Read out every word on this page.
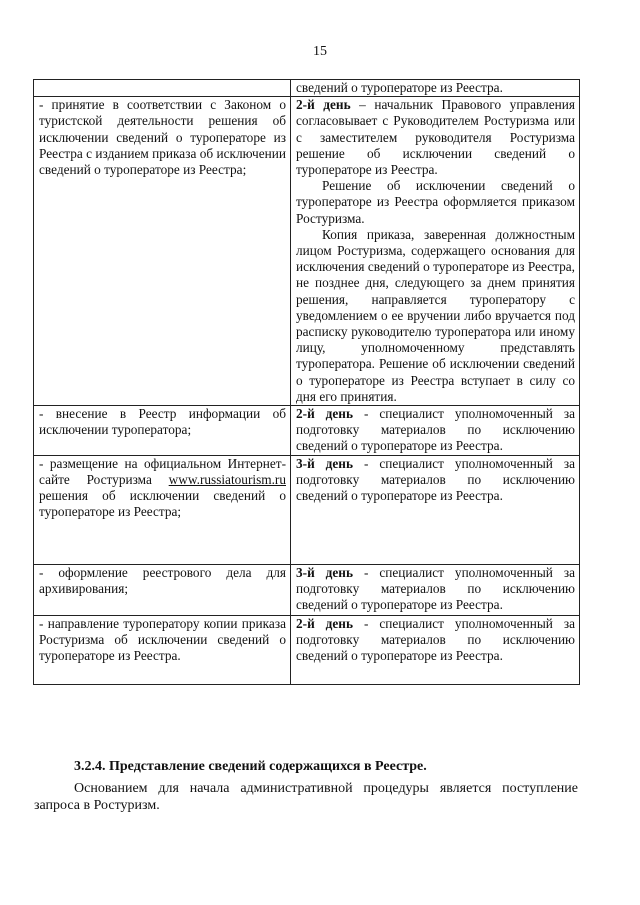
15

	сведений о туроператоре из Реестра.

- принятие в соответствии с Законом о туристской деятельности решения об исключении сведений о туроператоре из Реестра с изданием приказа об исключении сведений о туроператоре из Реестра;	2-й день – начальник Правового управления согласовывает с Руководителем Ростуризма или с заместителем руководителя Ростуризма решение об исключении сведений о туроператоре из Реестра.

Решение об исключении сведений о туроператоре из Реестра оформляется приказом Ростуризма.

Копия приказа, заверенная должностным лицом Ростуризма, содержащего основания для исключения сведений о туроператоре из Реестра, не позднее дня, следующего за днем принятия решения, направляется туроператору с уведомлением о ее вручении либо вручается под расписку руководителю туроператора или иному лицу, уполномоченному представлять туроператора. Решение об исключении сведений о туроператоре из Реестра вступает в силу со дня его принятия.

- внесение в Реестр информации об исключении туроператора;	2-й день - специалист уполномоченный за подготовку материалов по исключению сведений о туроператоре из Реестра.

- размещение на официальном Интернет-сайте Ростуризма www.russiatourism.ru решения об исключении сведений о туроператоре из Реестра;	3-й день - специалист уполномоченный за подготовку материалов по исключению сведений о туроператоре из Реестра.

- оформление реестрового дела для архивирования;	3-й день - специалист уполномоченный за подготовку материалов по исключению сведений о туроператоре из Реестра.

- направление туроператору копии приказа Ростуризма об исключении сведений о туроператоре из Реестра.	2-й день - специалист уполномоченный за подготовку материалов по исключению сведений о туроператоре из Реестра.

3.2.4. Представление сведений содержащихся в Реестре.

Основанием для начала административной процедуры является поступление запроса в Ростуризм.
